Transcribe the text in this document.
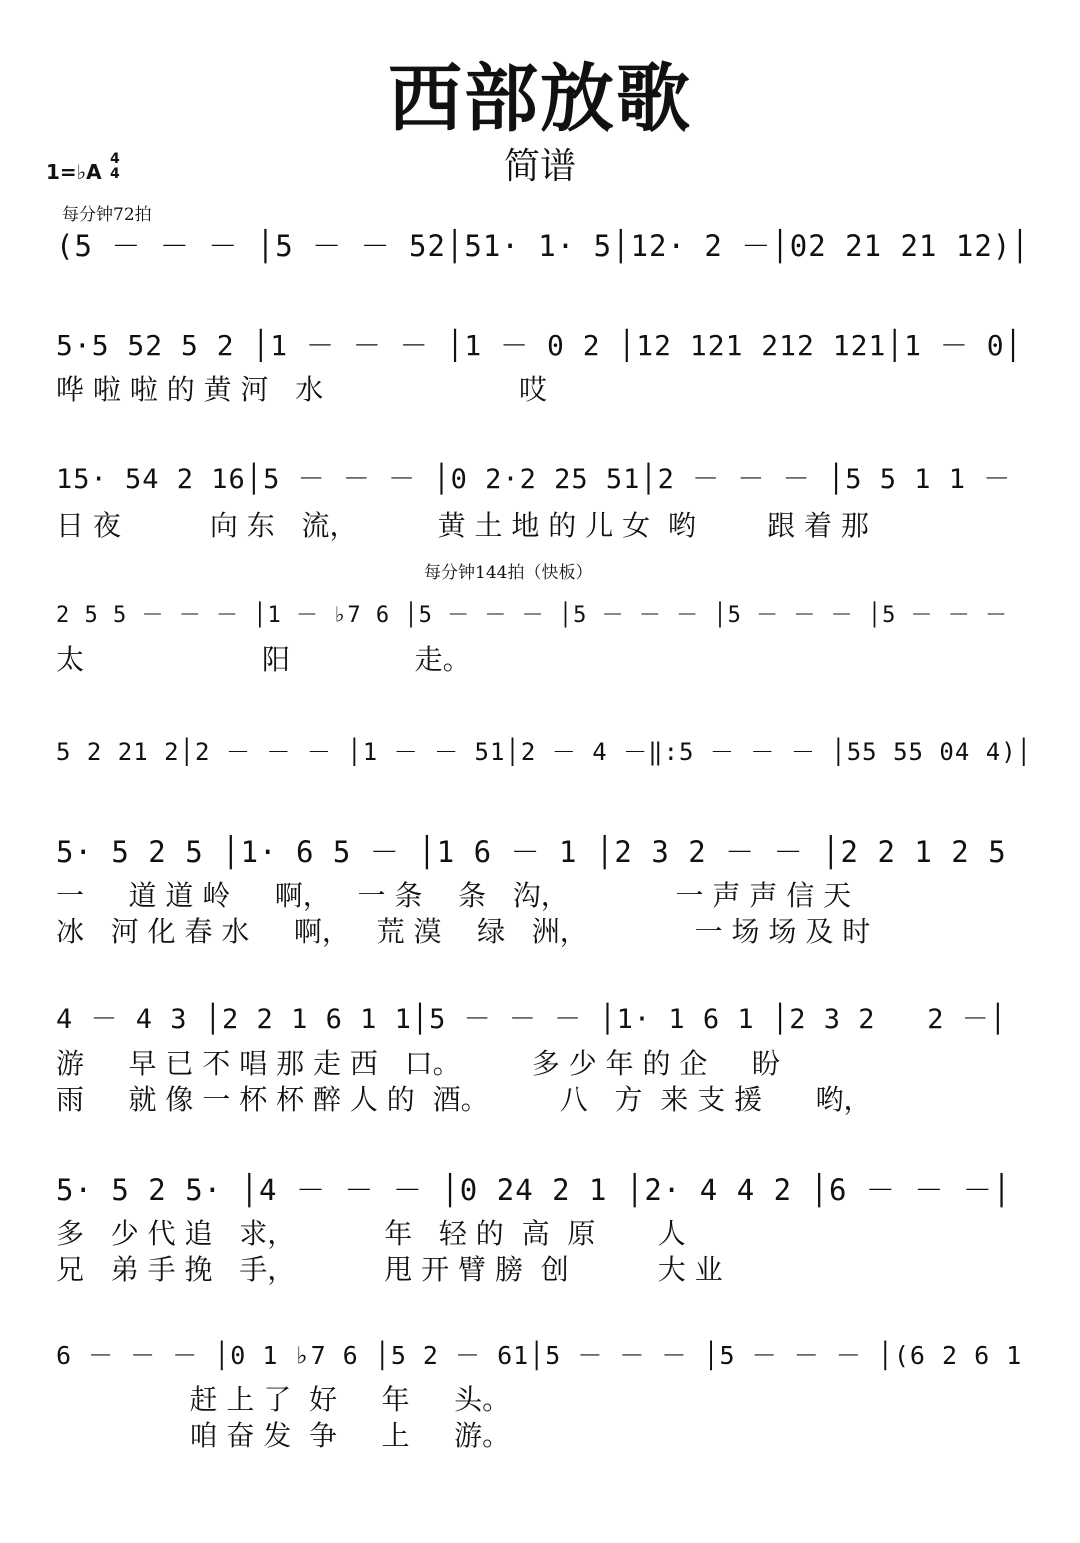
西部放歌
简谱
1=♭A
4
4
每分钟72拍
每分钟144拍（快板）
(5 － － － │5 － － 52│51· 1· 5│12· 2 －│02 21 21 12)│
5·5 52 5 2 │1 － － － │1 － 0 2 │12 121 212 121│1 － 0│
哗 啦 啦 的 黄 河   水                      哎
15· 54 2 16│5 － － － │0 2·2 25 51│2 － － － │5 5 1 1 －
日 夜          向 东   流，         黄 土 地 的 儿 女  哟        跟 着 那
2 5 5 － － － │1 － ♭7 6 │5 － － － │5 － － － │5 － － － │5 － － －
太                    阳              走。
5 2 21 2│2 － － － │1 － － 51│2 － 4 －‖:5 － － － │55 55 04 4)│
5· 5 2 5 │1· 6 5 － │1 6 － 1 │2 3 2 － － │2 2 1 2 5
一     道 道 岭     啊，   一 条    条   沟，            一 声 声 信 天
冰   河 化 春 水     啊，   荒 漠    绿   洲，            一 场 场 及 时
4 － 4 3 │2 2 1 6 1 1│5 － － － │1· 1 6 1 │2 3 2   2 －│
游     早 已 不 唱 那 走 西   口。        多 少 年 的 企     盼
雨     就 像 一 杯 杯 醉 人 的  酒。        八   方  来 支 援      哟，
5· 5 2 5· │4 － － － │0 24 2 1 │2· 4 4 2 │6 － － －│
多   少 代 追   求，          年   轻 的  高  原       人
兄   弟 手 挽   手，          甩 开 臂 膀  创          大 业
6 － － － │0 1 ♭7 6 │5 2 － 61│5 － － － │5 － － － │(6 2 6 1
赶 上 了  好     年     头。
咱 奋 发  争     上     游。
